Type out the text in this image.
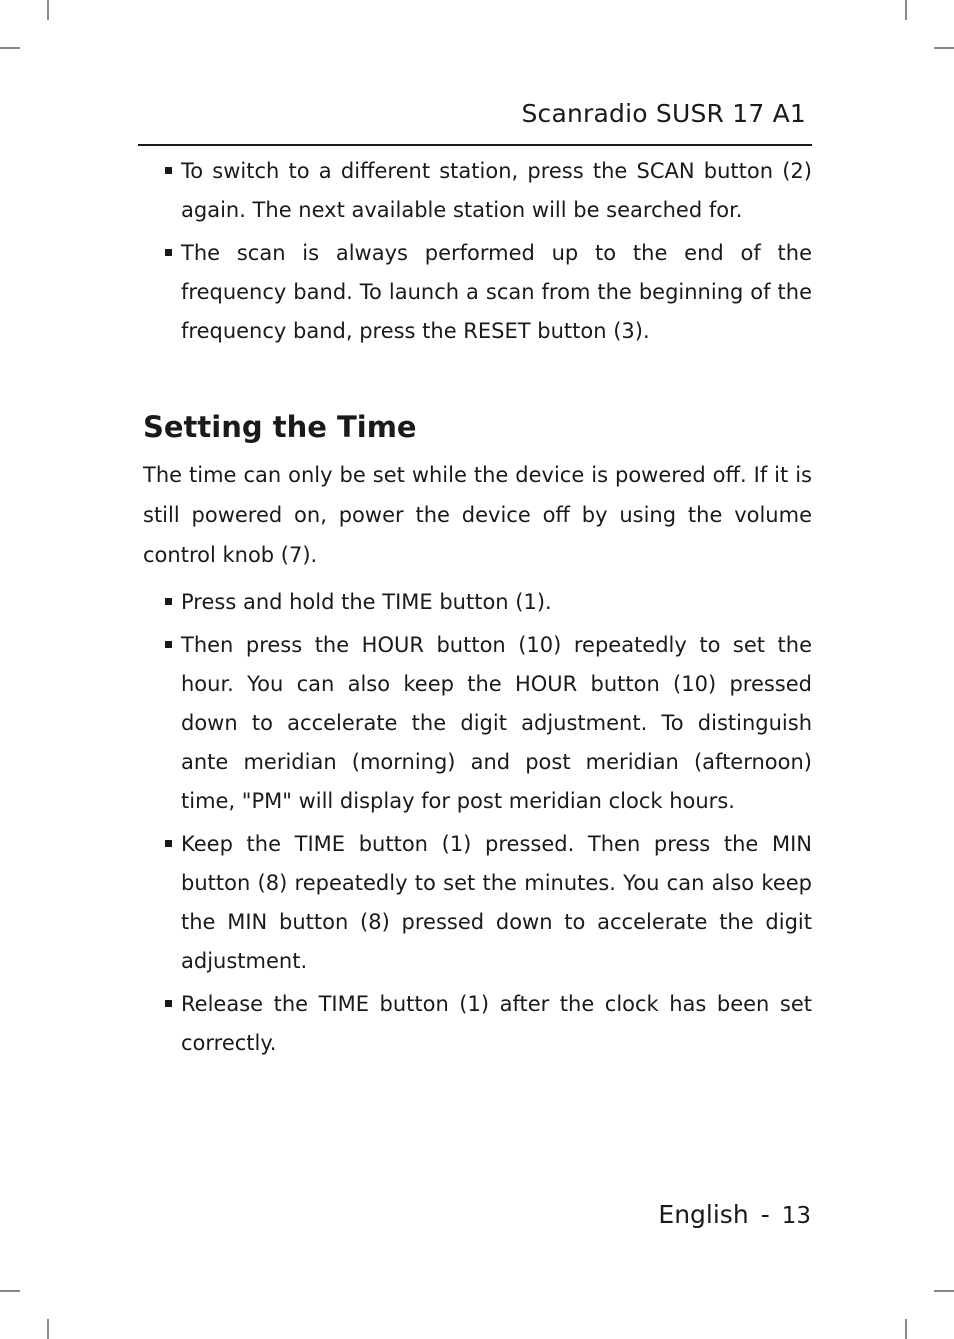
Scanradio SUSR 17 A1
To switch to a different station, press the SCAN button (2) again. The next available station will be searched for.
The scan is always performed up to the end of the frequency band. To launch a scan from the beginning of the frequency band, press the RESET button (3).
Setting the Time

The time can only be set while the device is powered off. If it is still powered on, power the device off by using the volume control knob (7).

Press and hold the TIME button (1).
Then press the HOUR button (10) repeatedly to set the hour. You can also keep the HOUR button (10) pressed down to accelerate the digit adjustment. To distinguish ante meridian (morning) and post meridian (afternoon) time, "PM" will display for post meridian clock hours.
Keep the TIME button (1) pressed. Then press the MIN button (8) repeatedly to set the minutes. You can also keep the MIN button (8) pressed down to accelerate the digit adjustment.
Release the TIME button (1) after the clock has been set correctly.
English - 13
